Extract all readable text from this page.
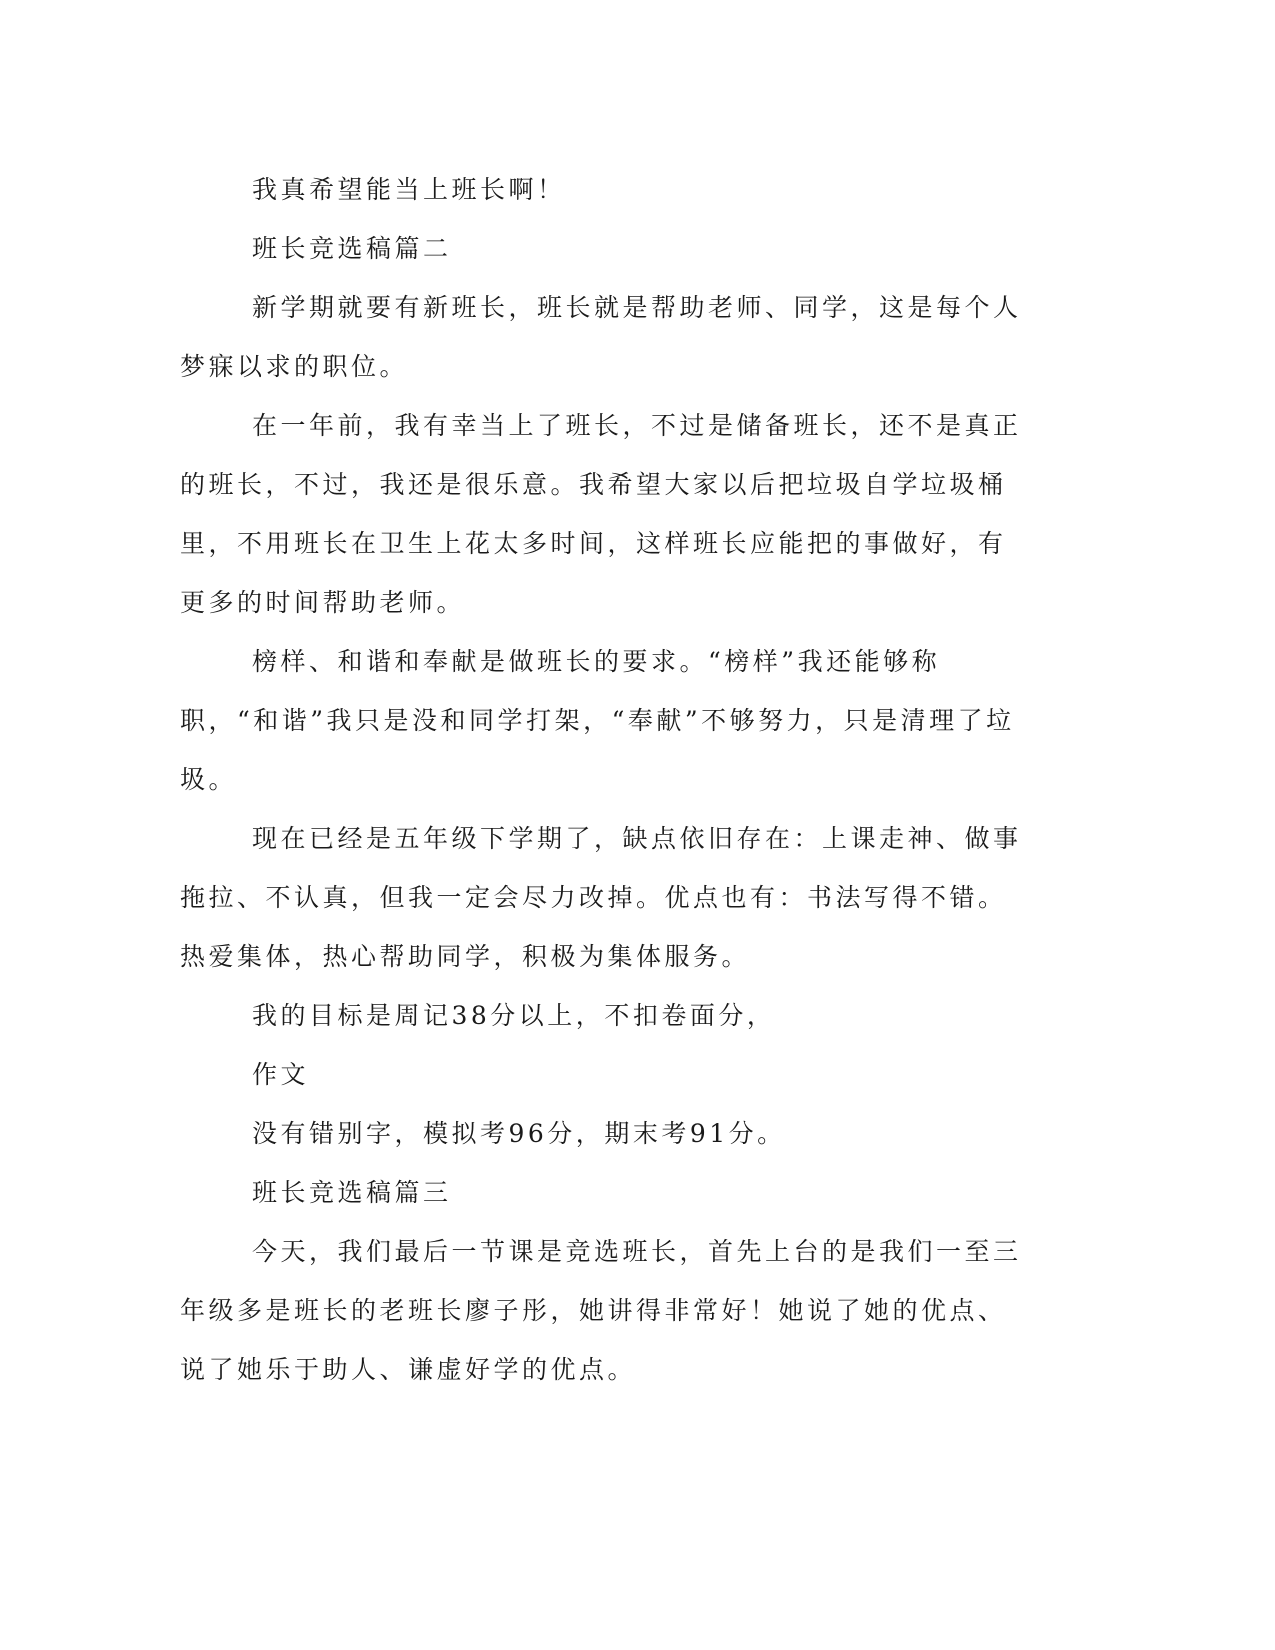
我真希望能当上班长啊！

班长竞选稿篇二

新学期就要有新班长，班长就是帮助老师、同学，这是每个人梦寐以求的职位。

在一年前，我有幸当上了班长，不过是储备班长，还不是真正的班长，不过，我还是很乐意。我希望大家以后把垃圾自学垃圾桶里，不用班长在卫生上花太多时间，这样班长应能把的事做好，有更多的时间帮助老师。

榜样、和谐和奉献是做班长的要求。“榜样”我还能够称职，“和谐”我只是没和同学打架，“奉献”不够努力，只是清理了垃圾。

现在已经是五年级下学期了，缺点依旧存在：上课走神、做事拖拉、不认真，但我一定会尽力改掉。优点也有：书法写得不错。热爱集体，热心帮助同学，积极为集体服务。

我的目标是周记38分以上，不扣卷面分，

作文

没有错别字，模拟考96分，期末考91分。

班长竞选稿篇三

今天，我们最后一节课是竞选班长，首先上台的是我们一至三年级多是班长的老班长廖子彤，她讲得非常好！她说了她的优点、说了她乐于助人、谦虚好学的优点。
